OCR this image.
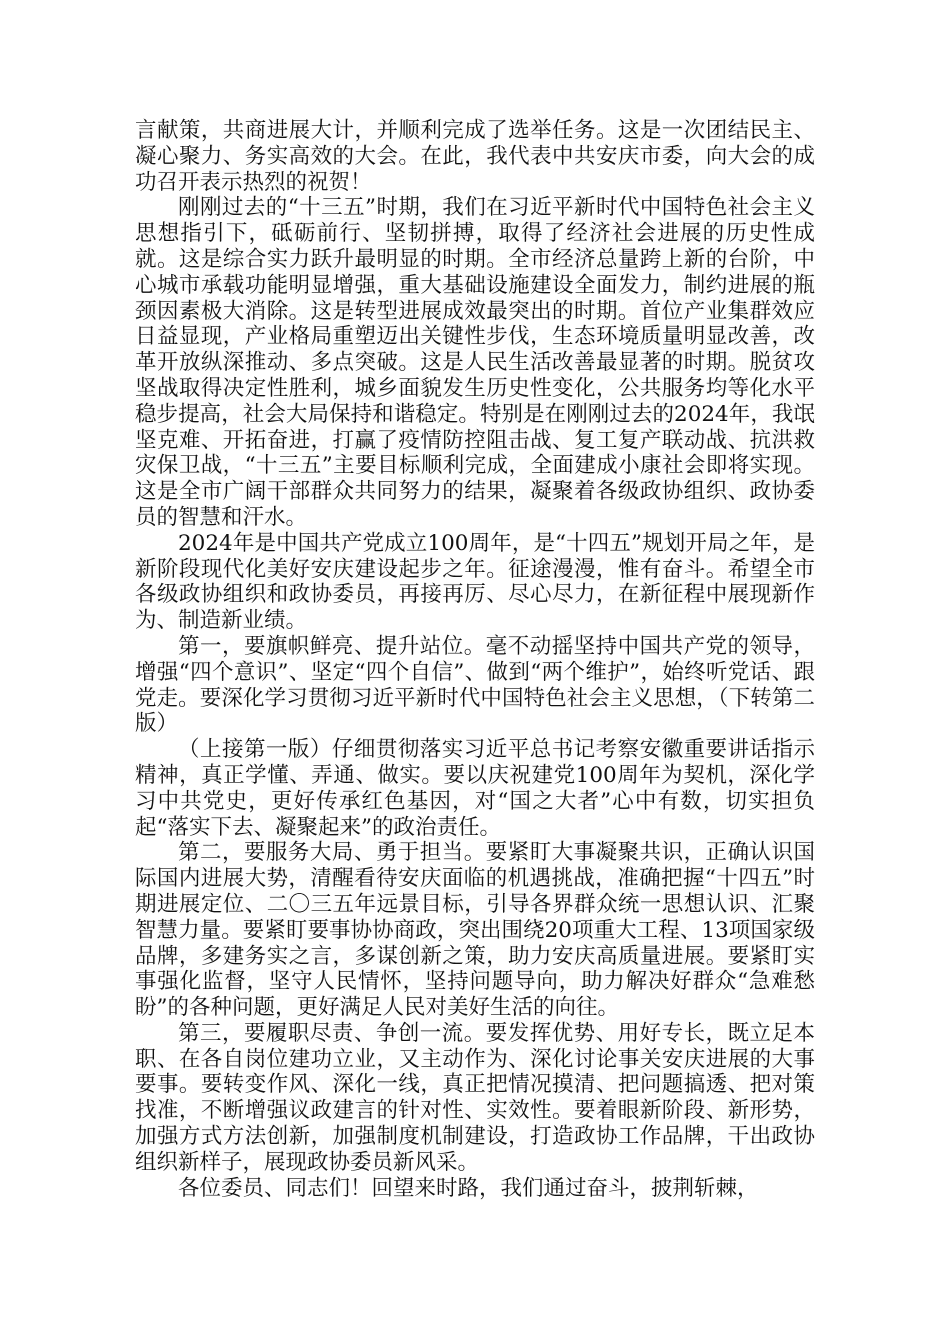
言献策，共商进展大计，并顺利完成了选举任务。这是一次团结民主、凝心聚力、务实高效的大会。在此，我代表中共安庆市委，向大会的成功召开表示热烈的祝贺！

刚刚过去的“十三五”时期，我们在习近平新时代中国特色社会主义思想指引下，砥砺前行、坚韧拼搏，取得了经济社会进展的历史性成就。这是综合实力跃升最明显的时期。全市经济总量跨上新的台阶，中心城市承载功能明显增强，重大基础设施建设全面发力，制约进展的瓶颈因素极大消除。这是转型进展成效最突出的时期。首位产业集群效应日益显现，产业格局重塑迈出关键性步伐，生态环境质量明显改善，改革开放纵深推动、多点突破。这是人民生活改善最显著的时期。脱贫攻坚战取得决定性胜利，城乡面貌发生历史性变化，公共服务均等化水平稳步提高，社会大局保持和谐稳定。特别是在刚刚过去的2024年，我氓坚克难、开拓奋进，打赢了疫情防控阻击战、复工复产联动战、抗洪救灾保卫战，“十三五”主要目标顺利完成，全面建成小康社会即将实现。这是全市广阔干部群众共同努力的结果，凝聚着各级政协组织、政协委员的智慧和汗水。

2024年是中国共产党成立100周年，是“十四五”规划开局之年，是新阶段现代化美好安庆建设起步之年。征途漫漫，惟有奋斗。希望全市各级政协组织和政协委员，再接再厉、尽心尽力，在新征程中展现新作为、制造新业绩。

第一，要旗帜鲜亮、提升站位。毫不动摇坚持中国共产党的领导，增强“四个意识”、坚定“四个自信”、做到“两个维护”，始终听党话、跟党走。要深化学习贯彻习近平新时代中国特色社会主义思想，（下转第二版）

（上接第一版）仔细贯彻落实习近平总书记考察安徽重要讲话指示精神，真正学懂、弄通、做实。要以庆祝建党100周年为契机，深化学习中共党史，更好传承红色基因，对“国之大者”心中有数，切实担负起“落实下去、凝聚起来”的政治责任。

第二，要服务大局、勇于担当。要紧盯大事凝聚共识，正确认识国际国内进展大势，清醒看待安庆面临的机遇挑战，准确把握“十四五”时期进展定位、二〇三五年远景目标，引导各界群众统一思想认识、汇聚智慧力量。要紧盯要事协协商政，突出围绕20项重大工程、13项国家级品牌，多建务实之言，多谋创新之策，助力安庆高质量进展。要紧盯实事强化监督，坚守人民情怀，坚持问题导向，助力解决好群众“急难愁盼”的各种问题，更好满足人民对美好生活的向往。

第三，要履职尽责、争创一流。要发挥优势、用好专长，既立足本职、在各自岗位建功立业，又主动作为、深化讨论事关安庆进展的大事要事。要转变作风、深化一线，真正把情况摸清、把问题搞透、把对策找准，不断增强议政建言的针对性、实效性。要着眼新阶段、新形势，加强方式方法创新，加强制度机制建设，打造政协工作品牌，干出政协组织新样子，展现政协委员新风采。

各位委员、同志们！回望来时路，我们通过奋斗，披荆斩棘，
